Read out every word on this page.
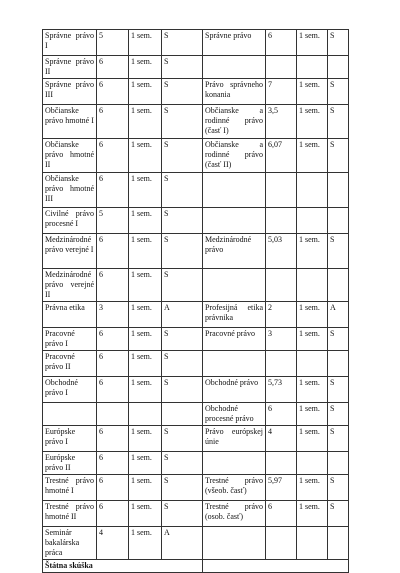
Správne právo I	5	1 sem.	S	Správne právo	6	1 sem.	S
Správne právo II	6	1 sem.	S				
Správne právo III	6	1 sem.	S	Právo správneho konania	7	1 sem.	S
Občianske právo hmotné I	6	1 sem.	S	Občianske a rodinné právo (časť I)	3,5	1 sem.	S
Občianske právo hmotné II	6	1 sem.	S	Občianske a rodinné právo (časť II)	6,07	1 sem.	S
Občianske právo hmotné III	6	1 sem.	S				
Civilné právo procesné I	5	1 sem.	S				
Medzinárodné právo verejné I	6	1 sem.	S	Medzinárodné právo	5,03	1 sem.	S
Medzinárodné právo verejné II	6	1 sem.	S				
Právna etika	3	1 sem.	A	Profesijná etika právnika	2	1 sem.	A
Pracovné právo I	6	1 sem.	S	Pracovné právo	3	1 sem.	S
Pracovné právo II	6	1 sem.	S				
Obchodné právo I	6	1 sem.	S	Obchodné právo	5,73	1 sem.	S
				Obchodné procesné právo	6	1 sem.	S
Európske právo I	6	1 sem.	S	Právo európskej únie	4	1 sem.	S
Európske právo II	6	1 sem.	S				
Trestné právo hmotné I	6	1 sem.	S	Trestné právo (všeob. časť)	5,97	1 sem.	S
Trestné právo hmotné II	6	1 sem.	S	Trestné právo (osob. časť)	6	1 sem.	S
Seminár bakalárska práca	4	1 sem.	A				
Štátna skúška							
